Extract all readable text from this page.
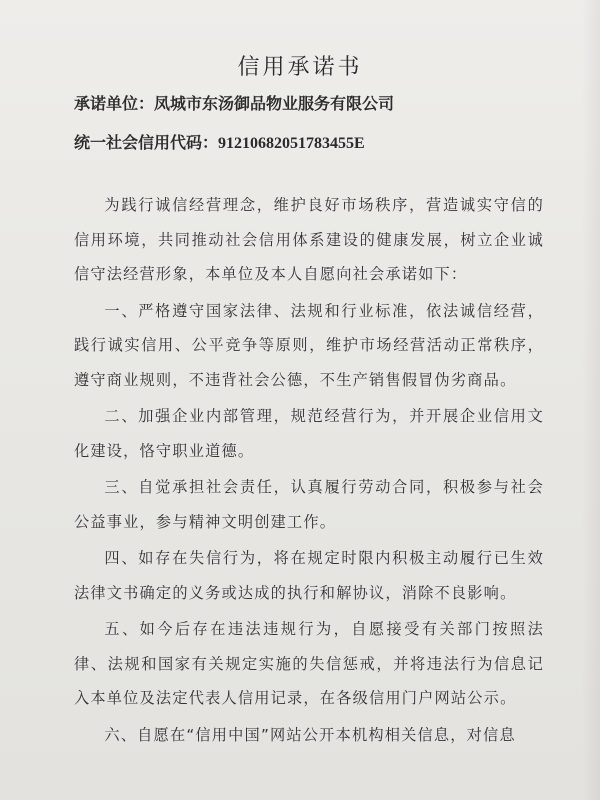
信用承诺书
承诺单位：凤城市东汤御品物业服务有限公司
统一社会信用代码：91210682051783455E

为践行诚信经营理念，维护良好市场秩序，营造诚实守信的信用环境，共同推动社会信用体系建设的健康发展，树立企业诚信守法经营形象，本单位及本人自愿向社会承诺如下：

一、严格遵守国家法律、法规和行业标准，依法诚信经营，践行诚实信用、公平竞争等原则，维护市场经营活动正常秩序，遵守商业规则，不违背社会公德，不生产销售假冒伪劣商品。

二、加强企业内部管理，规范经营行为，并开展企业信用文化建设，恪守职业道德。

三、自觉承担社会责任，认真履行劳动合同，积极参与社会公益事业，参与精神文明创建工作。

四、如存在失信行为，将在规定时限内积极主动履行已生效法律文书确定的义务或达成的执行和解协议，消除不良影响。

五、如今后存在违法违规行为，自愿接受有关部门按照法律、法规和国家有关规定实施的失信惩戒，并将违法行为信息记入本单位及法定代表人信用记录，在各级信用门户网站公示。

六、自愿在“信用中国”网站公开本机构相关信息，对信息
